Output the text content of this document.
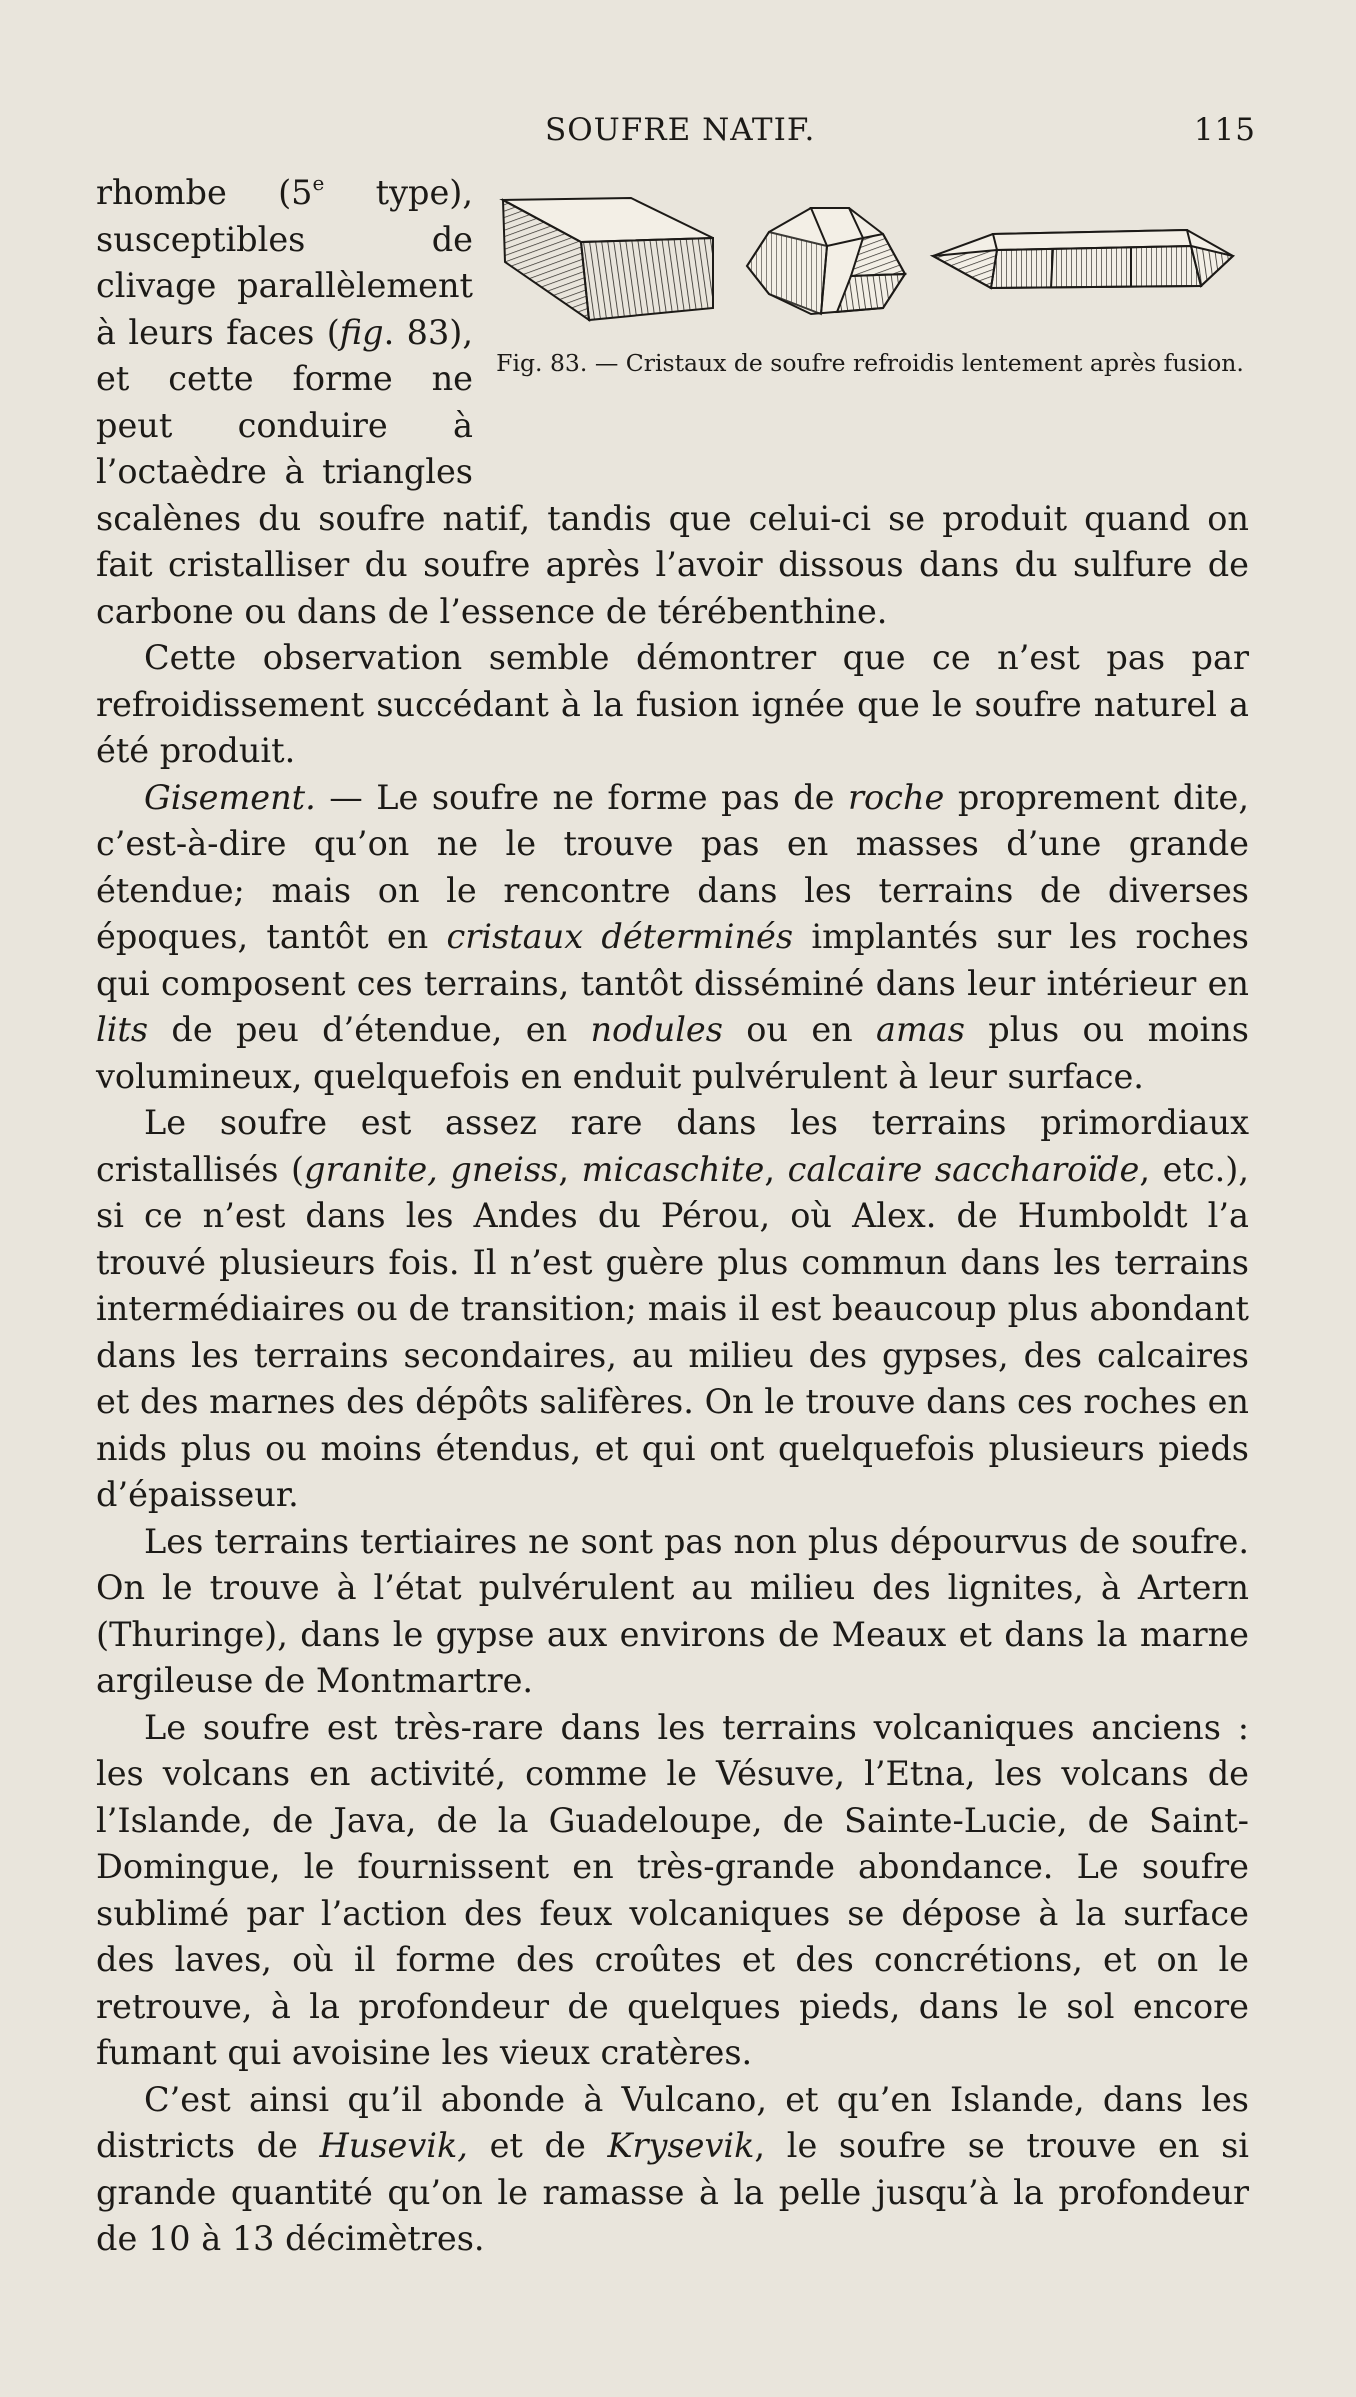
SOUFRE NATIF.	115
Fig. 83. — Cristaux de soufre refroidis lentement après fusion.

rhombe (5e type), susceptibles de clivage parallèlement à leurs faces (fig. 83), et cette forme ne peut conduire à l’octaèdre à triangles scalènes du soufre natif, tandis que celui-ci se produit quand on fait cristalliser du soufre après l’avoir dissous dans du sulfure de carbone ou dans de l’essence de térébenthine.

Cette observation semble démontrer que ce n’est pas par refroidissement succédant à la fusion ignée que le soufre naturel a été produit.

Gisement. — Le soufre ne forme pas de roche proprement dite, c’est-à-dire qu’on ne le trouve pas en masses d’une grande étendue; mais on le rencontre dans les terrains de diverses époques, tantôt en cristaux déterminés implantés sur les roches qui composent ces terrains, tantôt disséminé dans leur intérieur en lits de peu d’étendue, en nodules ou en amas plus ou moins volumineux, quelquefois en enduit pulvérulent à leur surface.

Le soufre est assez rare dans les terrains primordiaux cristallisés (granite, gneiss, micaschite, calcaire saccharoïde, etc.), si ce n’est dans les Andes du Pérou, où Alex. de Humboldt l’a trouvé plusieurs fois. Il n’est guère plus commun dans les terrains intermédiaires ou de transition; mais il est beaucoup plus abondant dans les terrains secondaires, au milieu des gypses, des calcaires et des marnes des dépôts salifères. On le trouve dans ces roches en nids plus ou moins étendus, et qui ont quelquefois plusieurs pieds d’épaisseur.

Les terrains tertiaires ne sont pas non plus dépourvus de soufre. On le trouve à l’état pulvérulent au milieu des lignites, à Artern (Thuringe), dans le gypse aux environs de Meaux et dans la marne argileuse de Montmartre.

Le soufre est très-rare dans les terrains volcaniques anciens : les volcans en activité, comme le Vésuve, l’Etna, les volcans de l’Islande, de Java, de la Guadeloupe, de Sainte-Lucie, de Saint-Domingue, le fournissent en très-grande abondance. Le soufre sublimé par l’action des feux volcaniques se dépose à la surface des laves, où il forme des croûtes et des concrétions, et on le retrouve, à la profondeur de quelques pieds, dans le sol encore fumant qui avoisine les vieux cratères.

C’est ainsi qu’il abonde à Vulcano, et qu’en Islande, dans les districts de Husevik, et de Krysevik, le soufre se trouve en si grande quantité qu’on le ramasse à la pelle jusqu’à la profondeur de 10 à 13 décimètres.
